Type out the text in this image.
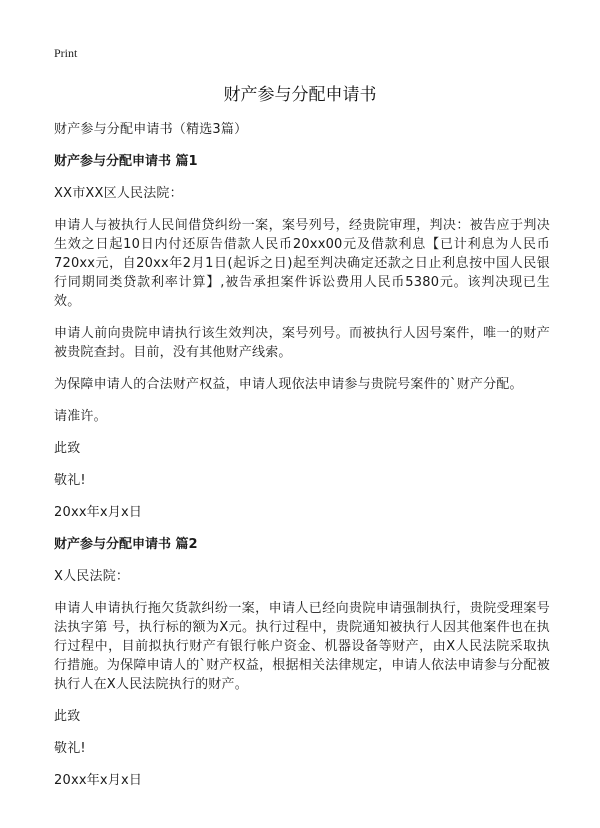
Print
财产参与分配申请书

财产参与分配申请书（精选3篇）

财产参与分配申请书 篇1

XX市XX区人民法院：

申请人与被执行人民间借贷纠纷一案，案号列号，经贵院审理，判决：被告应于判决生效之日起10日内付还原告借款人民币20xx00元及借款利息【已计利息为人民币720xx元，自20xx年2月1日(起诉之日)起至判决确定还款之日止利息按中国人民银行同期同类贷款利率计算】,被告承担案件诉讼费用人民币5380元。该判决现已生效。

申请人前向贵院申请执行该生效判决，案号列号。而被执行人因号案件，唯一的财产被贵院查封。目前，没有其他财产线索。

为保障申请人的合法财产权益，申请人现依法申请参与贵院号案件的`财产分配。

请准许。

此致

敬礼!

20xx年x月x日

财产参与分配申请书 篇2

X人民法院：

申请人申请执行拖欠货款纠纷一案，申请人已经向贵院申请强制执行，贵院受理案号法执字第 号，执行标的额为X元。执行过程中，贵院通知被执行人因其他案件也在执行过程中，目前拟执行财产有银行帐户资金、机器设备等财产，由X人民法院采取执行措施。为保障申请人的`财产权益，根据相关法律规定，申请人依法申请参与分配被执行人在X人民法院执行的财产。

此致

敬礼!

20xx年x月x日
